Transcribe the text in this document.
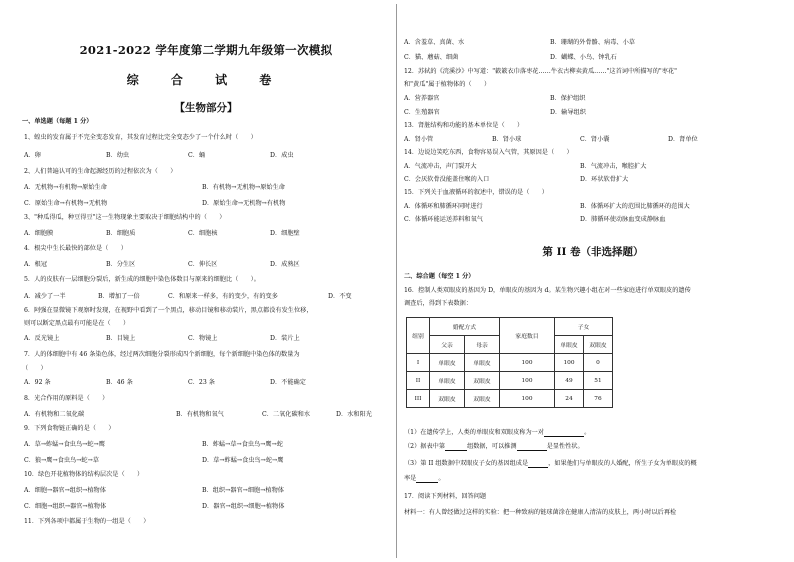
2021-2022 学年度第二学期九年级第一次模拟
综 合 试 卷
【生物部分】
一、单选题（每题 1 分）
1、蝗虫的发育属于不完全变态发育，其发育过程比完全变态少了一个什么时（　　）
A．卵	B．幼虫	C．蛹	D．成虫
2、人们普遍认可的生命起源经历的过程依次为（　　）
A．无机物→有机物→原始生命	B．有机物→无机物→原始生命
C．原始生命→有机物→无机物	D．原始生命→无机物→有机物
3、"种瓜得瓜，种豆得豆"这一生物现象主要取决于细胞结构中的（　　）
A．细胞膜	B．细胞质	C．细胞核	D．细胞壁
4．根尖中生长最快的部位是（　　）
A．根冠	B．分生区	C．伸长区	D．成熟区
5．人的皮肤有一层细胞分裂后，新生成的细胞中染色体数目与原来的细胞比（　　）。
A．减少了一半	B．增加了一倍	C．和原来一样多，有的变少，有的变多	D．不变
6．阿强在显微镜下观察时发现，在视野中看到了一个黑点，移动目镜和移动装片，黑点都没有发生位移，
则可以断定黑点最有可能是在（　　）
A．反光镜上	B．目镜上	C．物镜上	D．装片上
7．人的体细胞中有 46 条染色体，经过两次细胞分裂形成四个新细胞，每个新细胞中染色体的数量为
（　　）
A．92 条	B．46 条	C．23 条	D．不能确定
8．光合作用的原料是（　　）
A．有机物和二氧化碳	B．有机物和氧气	C．二氧化碳和水	D．水和阳光
9．下列食物链正确的是（　　）
A．草→蚱蜢→食虫鸟→蛇→鹰	B．蚱蜢→草→食虫鸟→鹰→蛇
C．狼→鹰→食虫鸟→蛇→草	D．草→蚱蜢→食虫鸟→蛇→鹰
10．绿色开花植物体的结构层次是（　　）
A．细胞→器官→组织→植物体	B．组织→器官→细胞→植物体
C．细胞→组织→器官→植物体	D．器官→组织→细胞→植物体
11．下列各项中都属于生物的一组是（　　）
A．含羞草、真菌、水	B．珊瑚的外骨骼、病毒、小草
C．猫、蘑菇、细菌	D．蝴蝶、小鸟、钟乳石
12．苏轼的《浣溪沙》中写道："簌簌衣巾落枣花……牛衣古柳卖黄瓜……"这首词中所描写的"枣花"
和"黄瓜"属于植物体的（　　）
A．营养器官	B．保护组织
C．生殖器官	D．输导组织
13．肾脏结构和功能的基本单位是（　　）
A．肾小管	B．肾小球	C．肾小囊	D．肾单位
14．边说边笑吃东西，食物容易误入气管，其原因是（　　）
A．气流冲击，声门裂开大	B．气流冲击，喉腔扩大
C．会厌软骨没能盖住喉的入口	D．环状软骨扩大
15．下列关于血液循环的叙述中，错误的是（　　）
A．体循环和肺循环同时进行	B．体循环扩大的范围比肺循环的范围大
C．体循环能运送养料和氧气	D．肺循环使动脉血变成静脉血
第 II 卷（非选择题）
二、综合题（每空 1 分）
16．控制人类双眼皮的基因为 D，单眼皮的基因为 d。某生物兴趣小组在对一些家庭进行单双眼皮的遗传
调查后，得到下表数据：
组别	婚配方式		家庭数目	子女	
	父亲	母亲		单眼皮	双眼皮
I	单眼皮	单眼皮	100	100	0
II	单眼皮	双眼皮	100	49	51
III	双眼皮	双眼皮	100	24	76
（1）在遗传学上，人类的单眼皮和双眼皮称为一对	。
（2）据表中第	组数据，可以推测	是显性性状。
（3）第 II 组数据中双眼皮子女的基因组成是	，如果他们与单眼皮的人婚配，所生子女为单眼皮的概
率是	。
17．阅读下列材料，回答问题
材料一：有人曾经做过这样的实验：把一种致病的链球菌涂在健康人清洁的皮肤上，两小时以后再检
